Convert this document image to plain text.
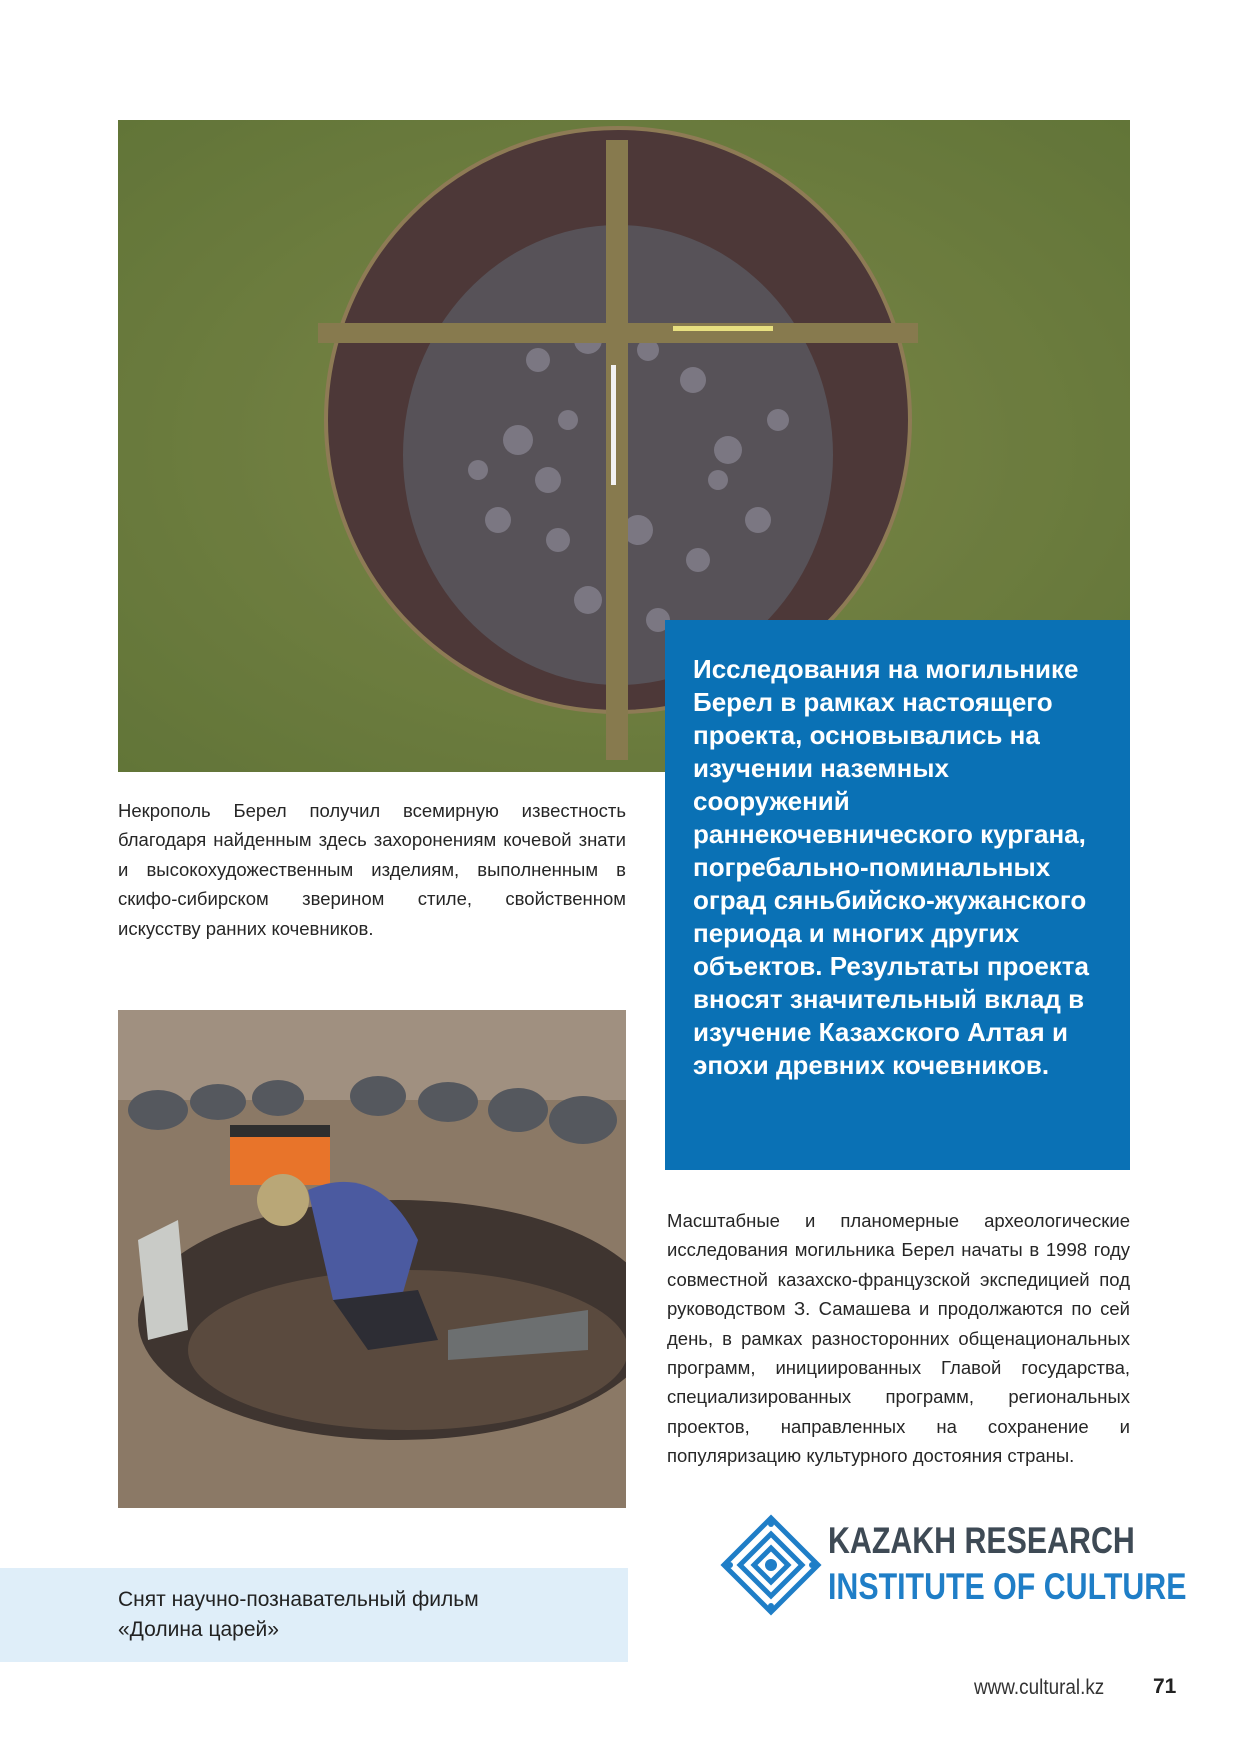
Исследования на могильнике Берел в рамках настоящего проекта, основывались на изучении наземных сооружений раннекочевнического кургана, погребально-поминальных оград сяньбийско-жужанского периода и многих других объектов. Результаты проекта вносят значительный вклад в изучение Казахского Алтая и эпохи древних кочевников.

Некрополь Берел получил всемирную известность благодаря найденным здесь захоронениям кочевой знати и высокохудожественным изделиям, выполненным в скифо-сибирском зверином стиле, свойственном искусству ранних кочевников.

Масштабные и планомерные археологические исследования могильника Берел начаты в 1998 году совместной казахско-французской экспедицией под руководством З. Самашева и продолжаются по сей день, в рамках разносторонних общенациональных программ, инициированных Главой государства, специализированных программ, региональных проектов, направленных на сохранение и популяризацию культурного достояния страны.

Снят научно-познавательный фильм
«Долина царей»

KAZAKH RESEARCH
INSTITUTE OF CULTURE
www.cultural.kz 71
